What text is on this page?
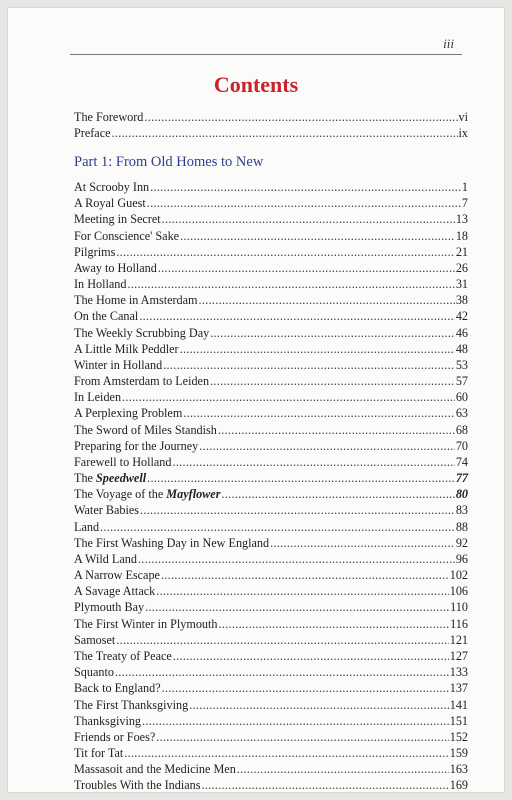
iii
Contents
The Foreword .....	vi
Preface .....	ix
Part 1: From Old Homes to New
At Scrooby Inn .....	1
A Royal Guest .....	7
Meeting in Secret .....	13
For Conscience' Sake .....	18
Pilgrims .....	21
Away to Holland .....	26
In Holland .....	31
The Home in Amsterdam .....	38
On the Canal .....	42
The Weekly Scrubbing Day .....	46
A Little Milk Peddler .....	48
Winter in Holland .....	53
From Amsterdam to Leiden .....	57
In Leiden .....	60
A Perplexing Problem .....	63
The Sword of Miles Standish .....	68
Preparing for the Journey .....	70
Farewell to Holland .....	74
The Speedwell .....	77
The Voyage of the Mayflower .....	80
Water Babies .....	83
Land .....	88
The First Washing Day in New England .....	92
A Wild Land .....	96
A Narrow Escape .....	102
A Savage Attack .....	106
Plymouth Bay .....	110
The First Winter in Plymouth .....	116
Samoset .....	121
The Treaty of Peace .....	127
Squanto .....	133
Back to England? .....	137
The First Thanksgiving .....	141
Thanksgiving .....	151
Friends or Foes? .....	152
Tit for Tat .....	159
Massasoit and the Medicine Men .....	163
Troubles With the Indians .....	169
